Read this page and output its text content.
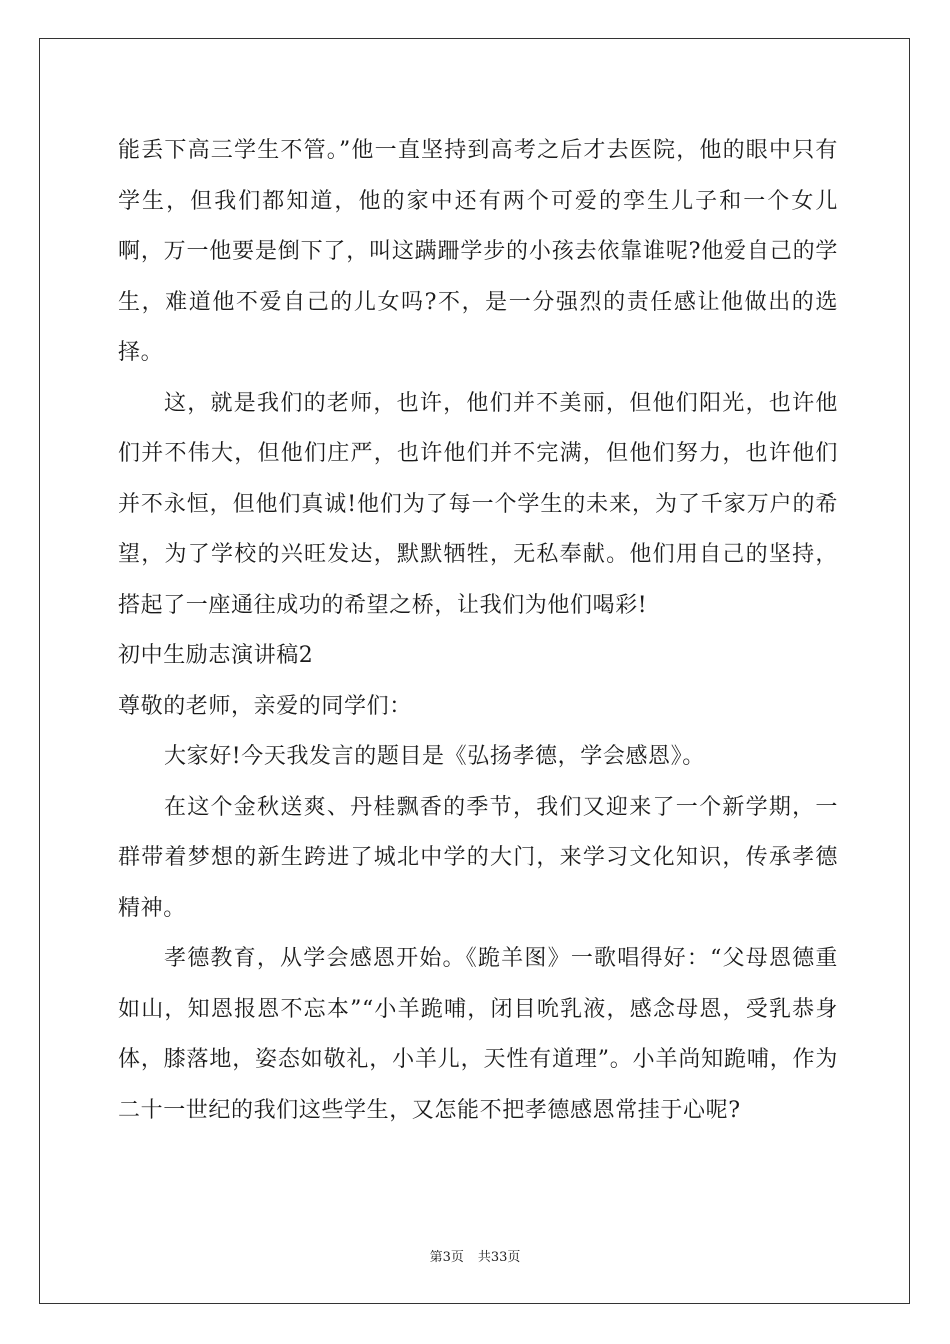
能丢下高三学生不管。”他一直坚持到高考之后才去医院，他的眼中只有学生，但我们都知道，他的家中还有两个可爱的孪生儿子和一个女儿啊，万一他要是倒下了，叫这蹒跚学步的小孩去依靠谁呢?他爱自己的学生，难道他不爱自己的儿女吗?不，是一分强烈的责任感让他做出的选择。

这，就是我们的老师，也许，他们并不美丽，但他们阳光，也许他们并不伟大，但他们庄严，也许他们并不完满，但他们努力，也许他们并不永恒，但他们真诚!他们为了每一个学生的未来，为了千家万户的希望，为了学校的兴旺发达，默默牺牲，无私奉献。他们用自己的坚持，搭起了一座通往成功的希望之桥，让我们为他们喝彩!

初中生励志演讲稿2

尊敬的老师，亲爱的同学们：

大家好!今天我发言的题目是《弘扬孝德，学会感恩》。

在这个金秋送爽、丹桂飘香的季节，我们又迎来了一个新学期，一群带着梦想的新生跨进了城北中学的大门，来学习文化知识，传承孝德精神。

孝德教育，从学会感恩开始。《跪羊图》一歌唱得好：“父母恩德重如山，知恩报恩不忘本”“小羊跪哺，闭目吮乳液，感念母恩，受乳恭身体，膝落地，姿态如敬礼，小羊儿，天性有道理”。小羊尚知跪哺，作为二十一世纪的我们这些学生，又怎能不把孝德感恩常挂于心呢?

第3页 共33页
